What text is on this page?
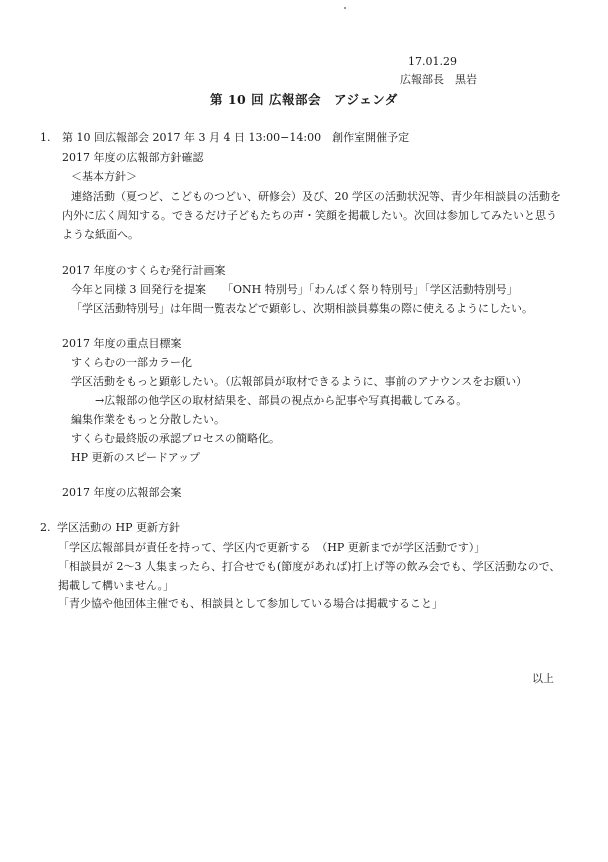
17.01.29
広報部長　黒岩
第 10 回 広報部会　アジェンダ
1. 第 10 回広報部会 2017 年 3 月 4 日 13:00−14:00　創作室開催予定
2017 年度の広報部方針確認
＜基本方針＞
連絡活動（夏つど、こどものつどい、研修会）及び、20 学区の活動状況等、青少年相談員の活動を
内外に広く周知する。できるだけ子どもたちの声・笑顔を掲載したい。次回は参加してみたいと思う
ような紙面へ。
2017 年度のすくらむ発行計画案
今年と同様 3 回発行を提案 「ONH 特別号」「わんぱく祭り特別号」「学区活動特別号」
「学区活動特別号」は年間一覧表などで顕彰し、次期相談員募集の際に使えるようにしたい。
2017 年度の重点目標案
すくらむの一部カラー化
学区活動をもっと顕彰したい。（広報部員が取材できるように、事前のアナウンスをお願い）
→広報部の他学区の取材結果を、部員の視点から記事や写真掲載してみる。
編集作業をもっと分散したい。
すくらむ最終版の承認プロセスの簡略化。
HP 更新のスピードアップ
2017 年度の広報部会案
2. 学区活動の HP 更新方針
「学区広報部員が責任を持って、学区内で更新する　（HP 更新までが学区活動です）」
「相談員が 2〜3 人集まったら、打合せでも(節度があれば)打上げ等の飲み会でも、学区活動なので、
掲載して構いません。」
「青少協や他団体主催でも、相談員として参加している場合は掲載すること」
以上
